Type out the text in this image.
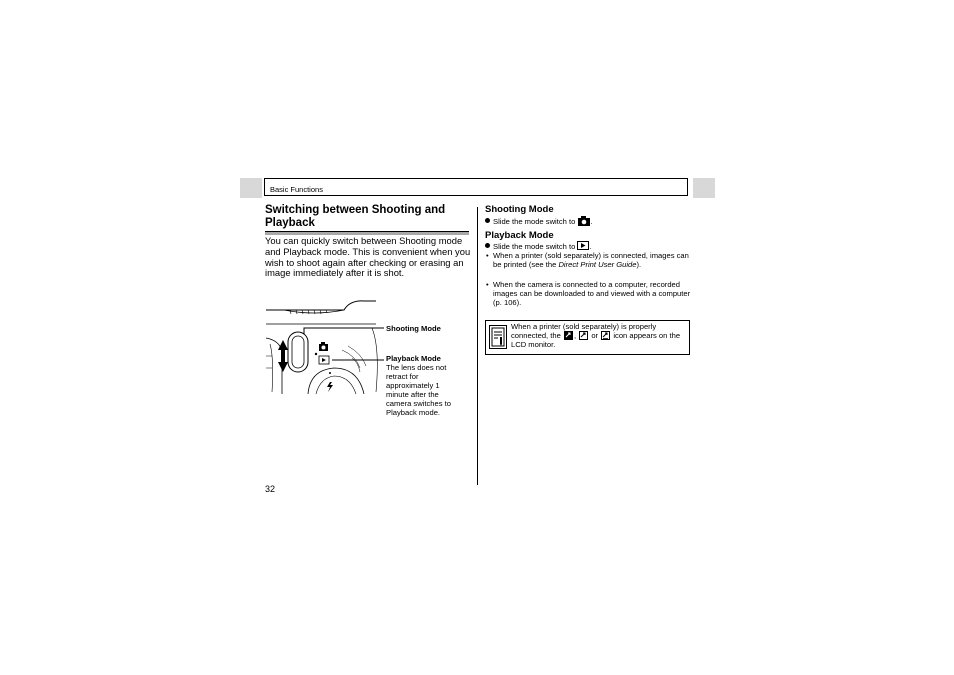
Basic Functions
Switching between Shooting and Playback
You can quickly switch between Shooting mode and Playback mode. This is convenient when you wish to shoot again after checking or erasing an image immediately after it is shot.
Shooting Mode
Playback Mode
The lens does not
retract for
approximately 1
minute after the
camera switches to
Playback mode.
Shooting Mode
Slide the mode switch to .
Playback Mode
Slide the mode switch to .
• When a printer (sold separately) is connected, images can be printed (see the Direct Print User Guide).
• When the camera is connected to a computer, recorded images can be downloaded to and viewed with a computer (p. 106).
When a printer (sold separately) is properly connected, the , or icon appears on the LCD monitor.
32
